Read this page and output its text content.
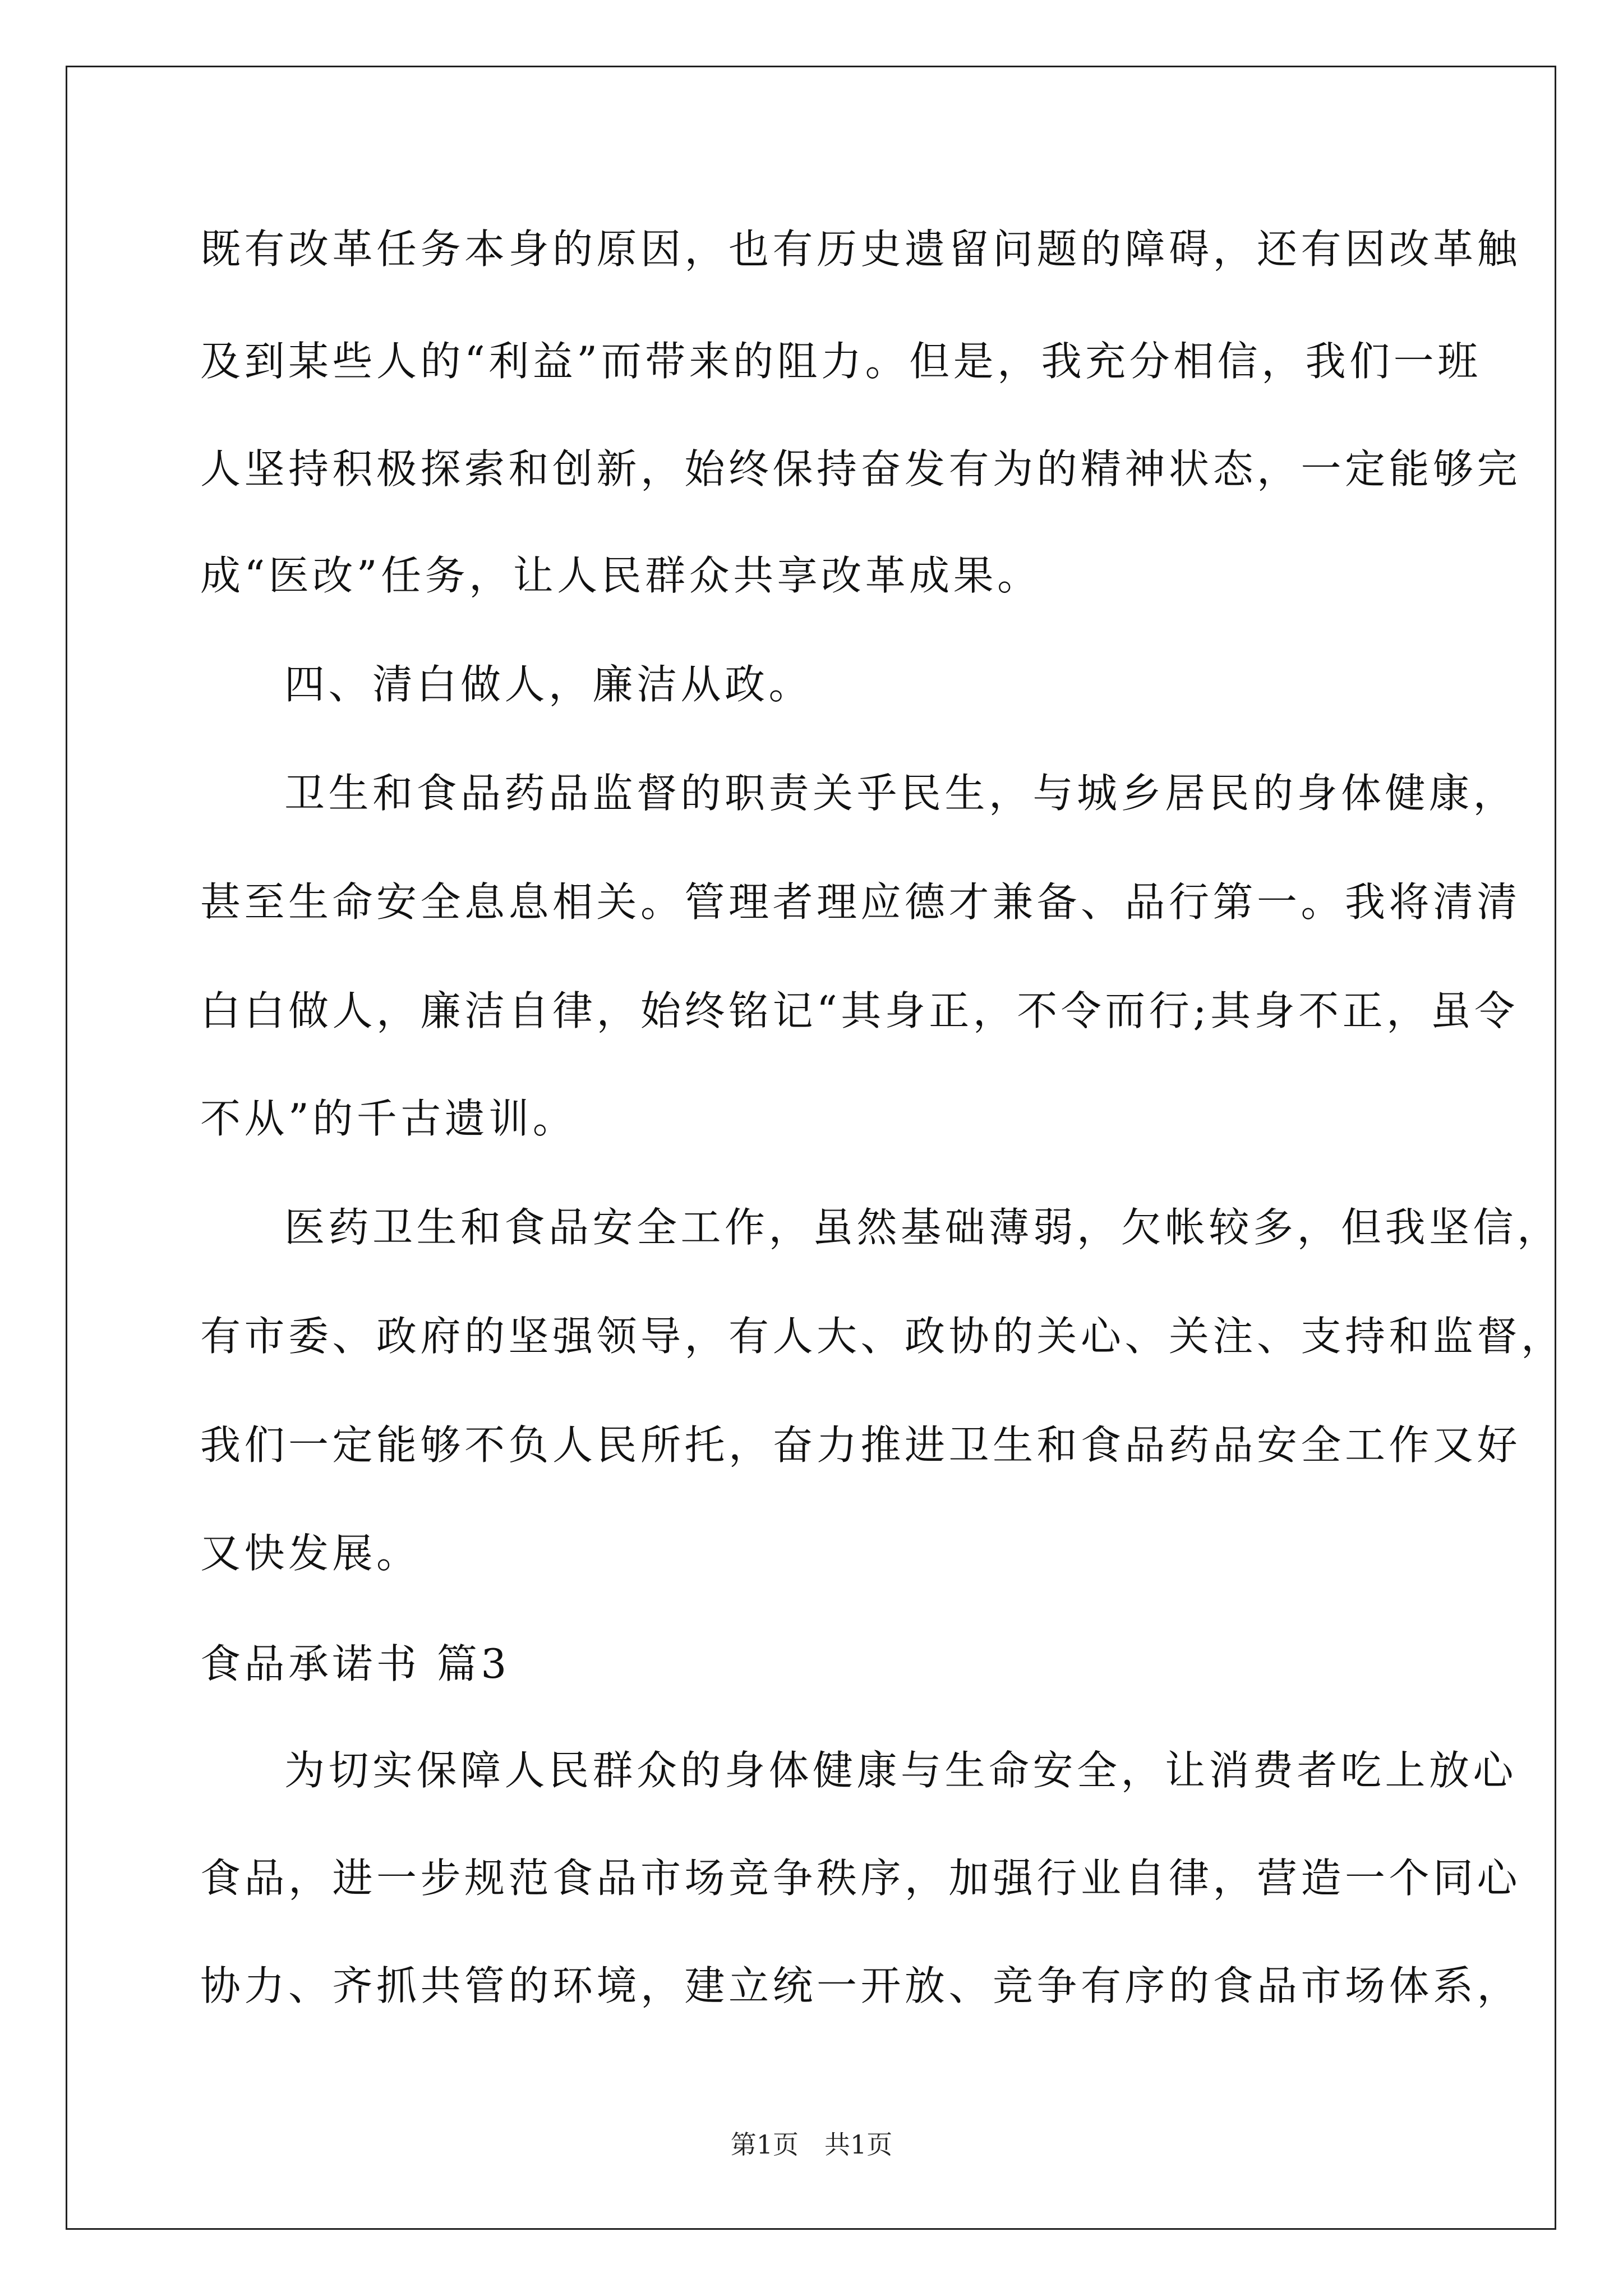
既有改革任务本身的原因，也有历史遗留问题的障碍，还有因改革触
及到某些人的“利益”而带来的阻力。但是，我充分相信，我们一班
人坚持积极探索和创新，始终保持奋发有为的精神状态，一定能够完
成“医改”任务，让人民群众共享改革成果。
四、清白做人，廉洁从政。
卫生和食品药品监督的职责关乎民生，与城乡居民的身体健康，
甚至生命安全息息相关。管理者理应德才兼备、品行第一。我将清清
白白做人，廉洁自律，始终铭记“其身正，不令而行;其身不正，虽令
不从”的千古遗训。
医药卫生和食品安全工作，虽然基础薄弱，欠帐较多，但我坚信，
有市委、政府的坚强领导，有人大、政协的关心、关注、支持和监督，
我们一定能够不负人民所托，奋力推进卫生和食品药品安全工作又好
又快发展。
食品承诺书 篇3
为切实保障人民群众的身体健康与生命安全，让消费者吃上放心
食品，进一步规范食品市场竞争秩序，加强行业自律，营造一个同心
协力、齐抓共管的环境，建立统一开放、竞争有序的食品市场体系，
第1页　共1页
